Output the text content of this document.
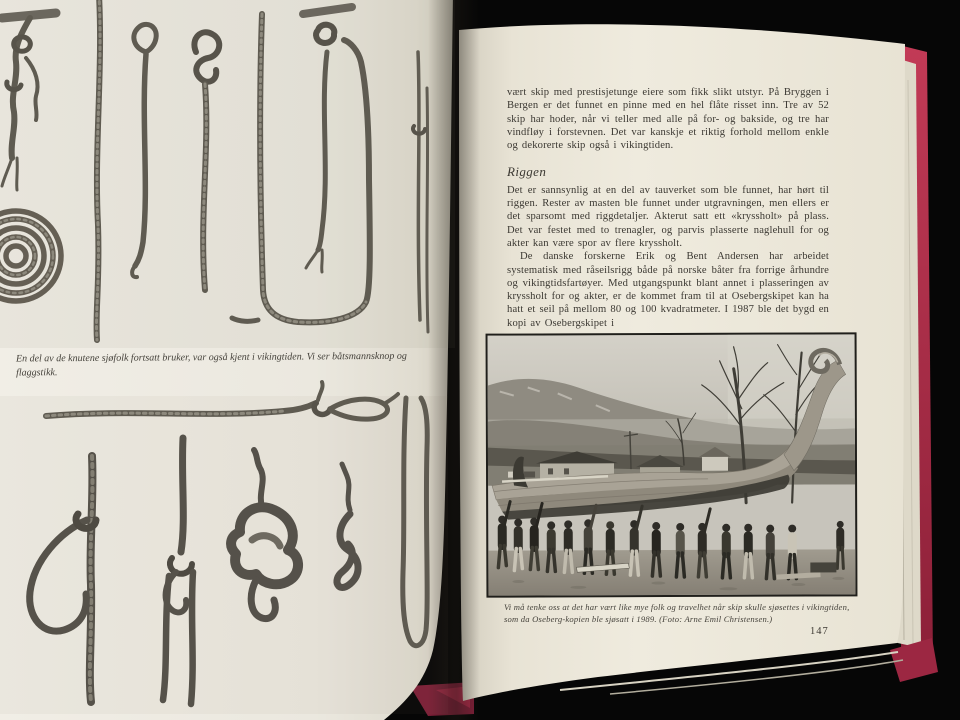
En del av de knutene sjøfolk fortsatt bruker, var også kjent i vikingtiden. Vi ser båtsmannsknop og flaggstikk.

vært skip med prestisjetunge eiere som fikk slikt utstyr. På Bryggen i Bergen er det funnet en pinne med en hel flåte risset inn. Tre av 52 skip har hoder, når vi teller med alle på for- og bakside, og tre har vindfløy i forstevnen. Det var kanskje et riktig forhold mellom enkle og dekorerte skip også i vikingtiden.

Riggen

Det er sannsynlig at en del av tauverket som ble funnet, har hørt til riggen. Rester av masten ble funnet under utgravningen, men ellers er det sparsomt med riggdetaljer. Akterut satt ett «kryssholt» på plass. Det var festet med to trenagler, og parvis plasserte naglehull for og akter kan være spor av flere kryssholt.

De danske forskerne Erik og Bent Andersen har arbeidet systematisk med råseilsrigg både på norske båter fra forrige århundre og vikingtidsfartøyer. Med utgangspunkt blant annet i plasseringen av kryssholt for og akter, er de kommet fram til at Osebergskipet kan ha hatt et seil på mellom 80 og 100 kvadratmeter. I 1987 ble det bygd en kopi av Osebergskipet i

Vi må tenke oss at det har vært like mye folk og travelhet når skip skulle sjøsettes i vikingtiden, som da Oseberg-kopien ble sjøsatt i 1989. (Foto: Arne Emil Christensen.)
147
